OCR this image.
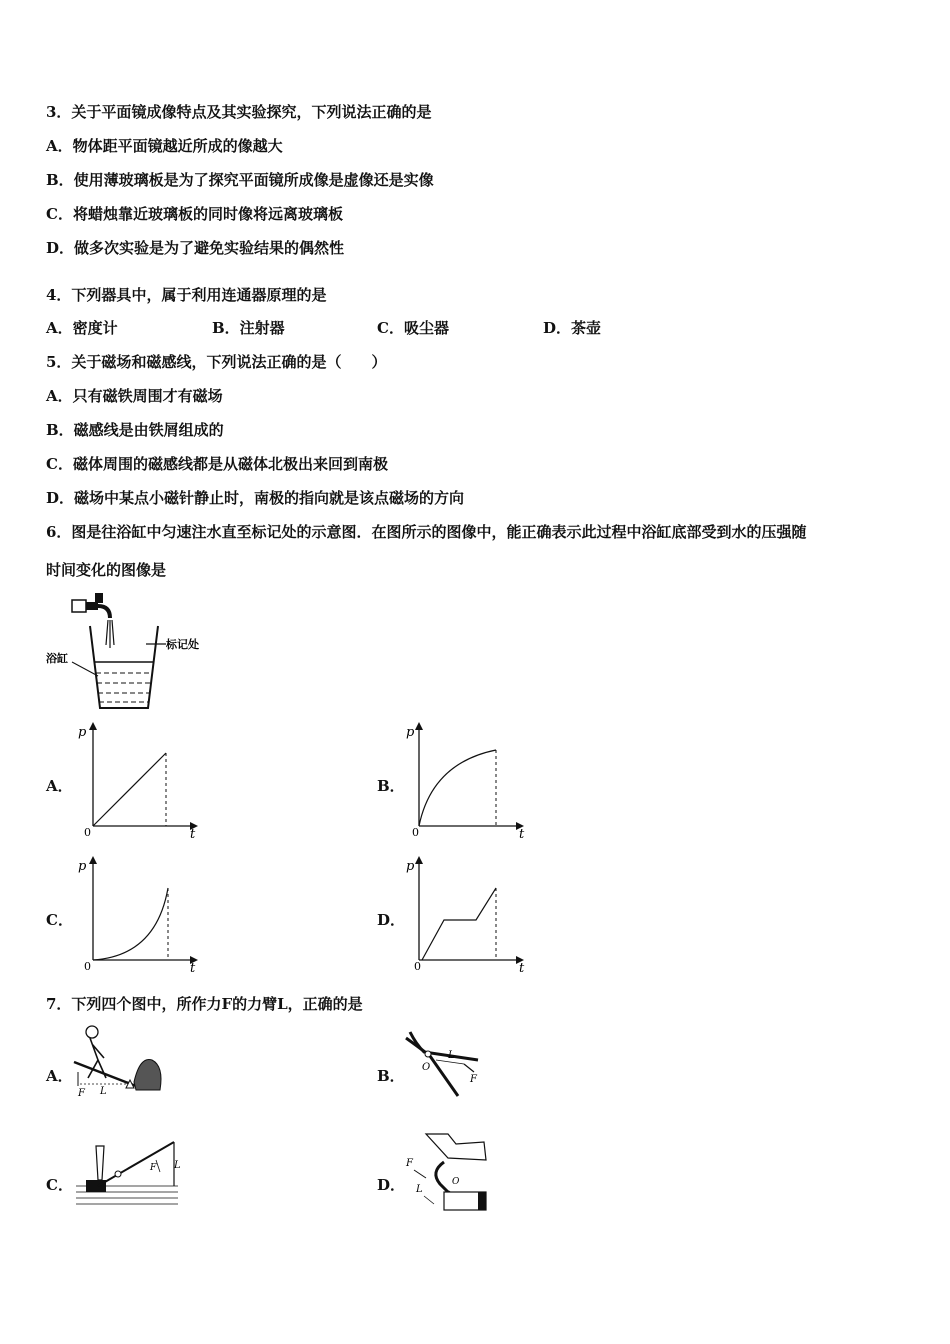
3．关于平面镜成像特点及其实验探究，下列说法正确的是
A．物体距平面镜越近所成的像越大
B．使用薄玻璃板是为了探究平面镜所成像是虚像还是实像
C．将蜡烛靠近玻璃板的同时像将远离玻璃板
D．做多次实验是为了避免实验结果的偶然性
4．下列器具中，属于利用连通器原理的是
A．密度计	B．注射器	C．吸尘器	D．茶壶
5．关于磁场和磁感线，下列说法正确的是（　　）
A．只有磁铁周围才有磁场
B．磁感线是由铁屑组成的
C．磁体周围的磁感线都是从磁体北极出来回到南极
D．磁场中某点小磁针静止时，南极的指向就是该点磁场的方向
6．图是往浴缸中匀速注水直至标记处的示意图．在图所示的图像中，能正确表示此过程中浴缸底部受到水的压强随
时间变化的图像是
标记处
浴缸
A．	B．
C．	D．
p
0	t
p
0	t
p
0	t
p
0	t
7．下列四个图中，所作力F的力臂L，正确的是
A．	B．
C．	D．
F L
O
L
F
F L	F
L
O
